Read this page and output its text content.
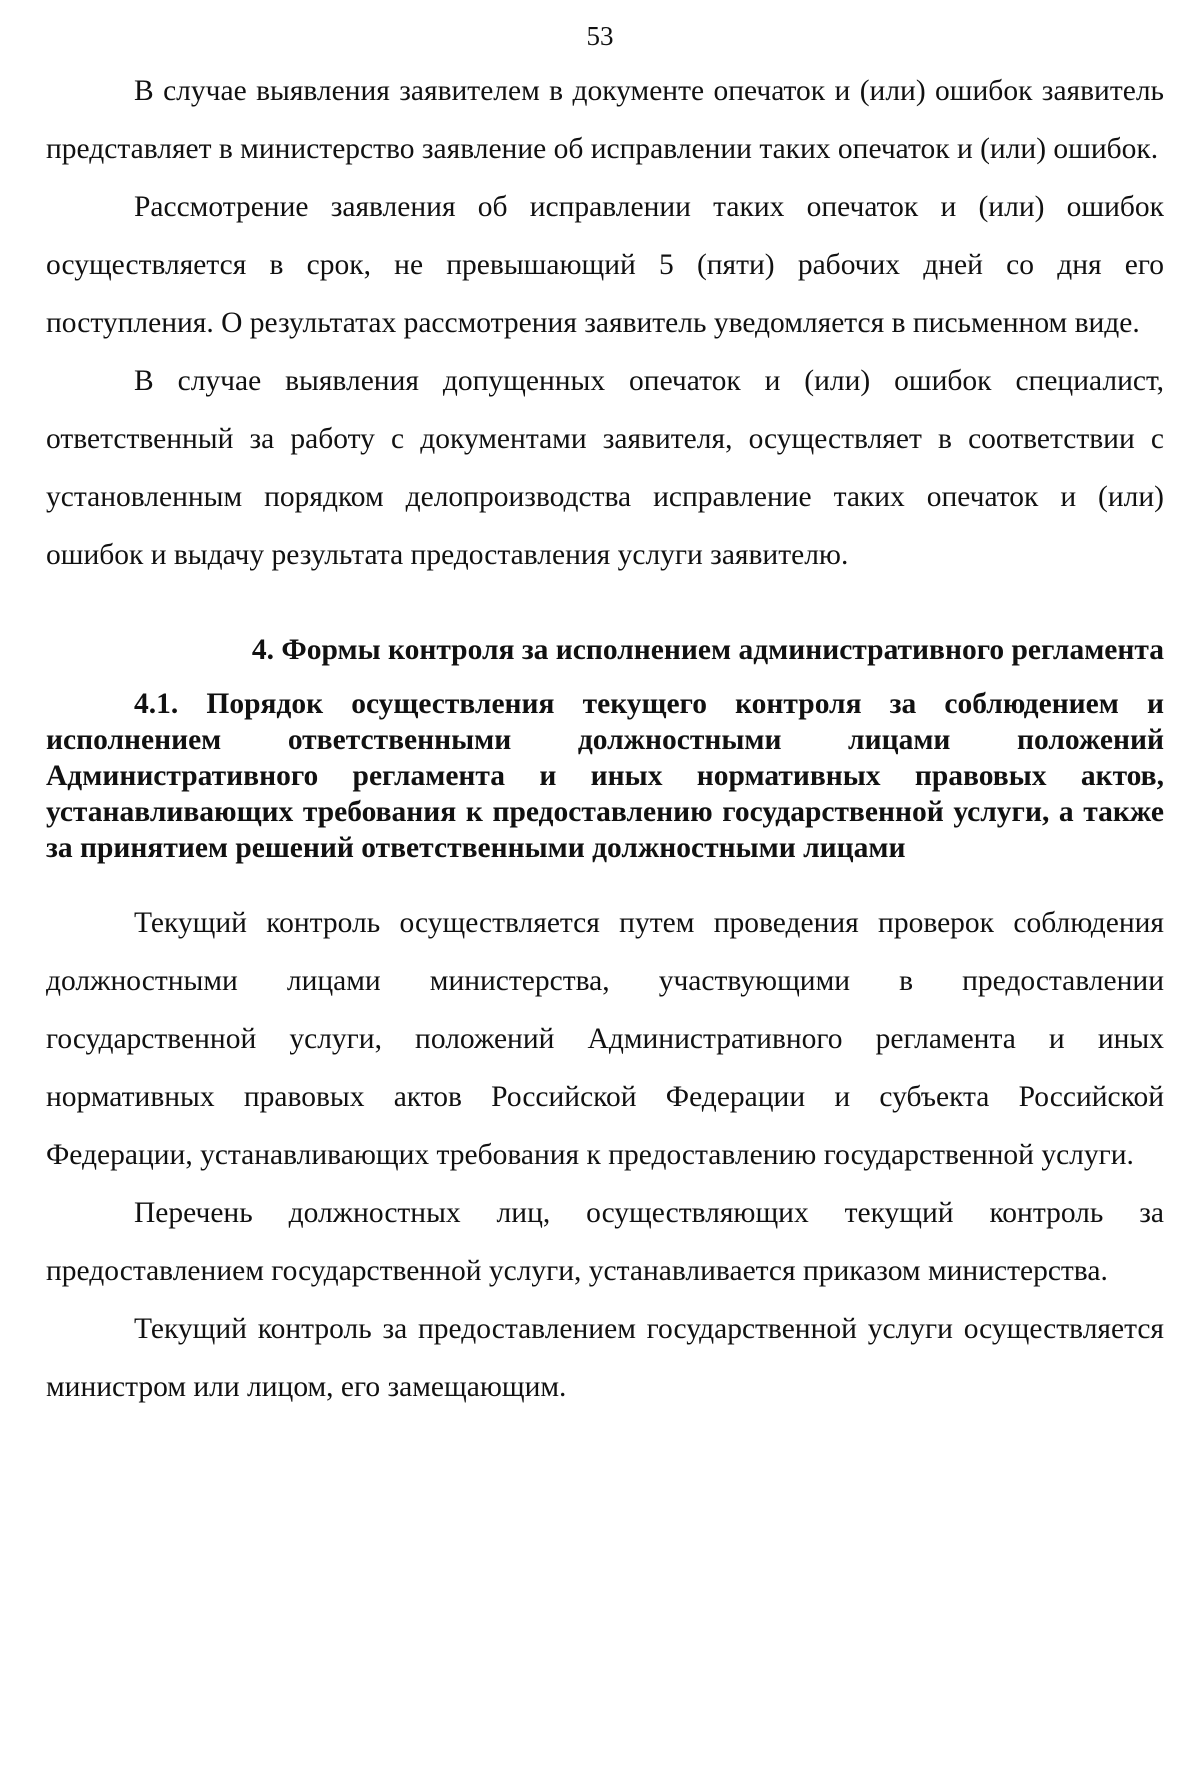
53

В случае выявления заявителем в документе опечаток и (или) ошибок заявитель представляет в министерство заявление об исправлении таких опечаток и (или) ошибок.

Рассмотрение заявления об исправлении таких опечаток и (или) ошибок осуществляется в срок, не превышающий 5 (пяти) рабочих дней со дня его поступления. О результатах рассмотрения заявитель уведомляется в письменном виде.

В случае выявления допущенных опечаток и (или) ошибок специалист, ответственный за работу с документами заявителя, осуществляет в соответствии с установленным порядком делопроизводства исправление таких опечаток и (или) ошибок и выдачу результата предоставления услуги заявителю.

4. Формы контроля за исполнением административного регламента
4.1. Порядок осуществления текущего контроля за соблюдением и исполнением ответственными должностными лицами положений Административного регламента и иных нормативных правовых актов, устанавливающих требования к предоставлению государственной услуги, а также за принятием решений ответственными должностными лицами

Текущий контроль осуществляется путем проведения проверок соблюдения должностными лицами министерства, участвующими в предоставлении государственной услуги, положений Административного регламента и иных нормативных правовых актов Российской Федерации и субъекта Российской Федерации, устанавливающих требования к предоставлению государственной услуги.

Перечень должностных лиц, осуществляющих текущий контроль за предоставлением государственной услуги, устанавливается приказом министерства.

Текущий контроль за предоставлением государственной услуги осуществляется министром или лицом, его замещающим.
